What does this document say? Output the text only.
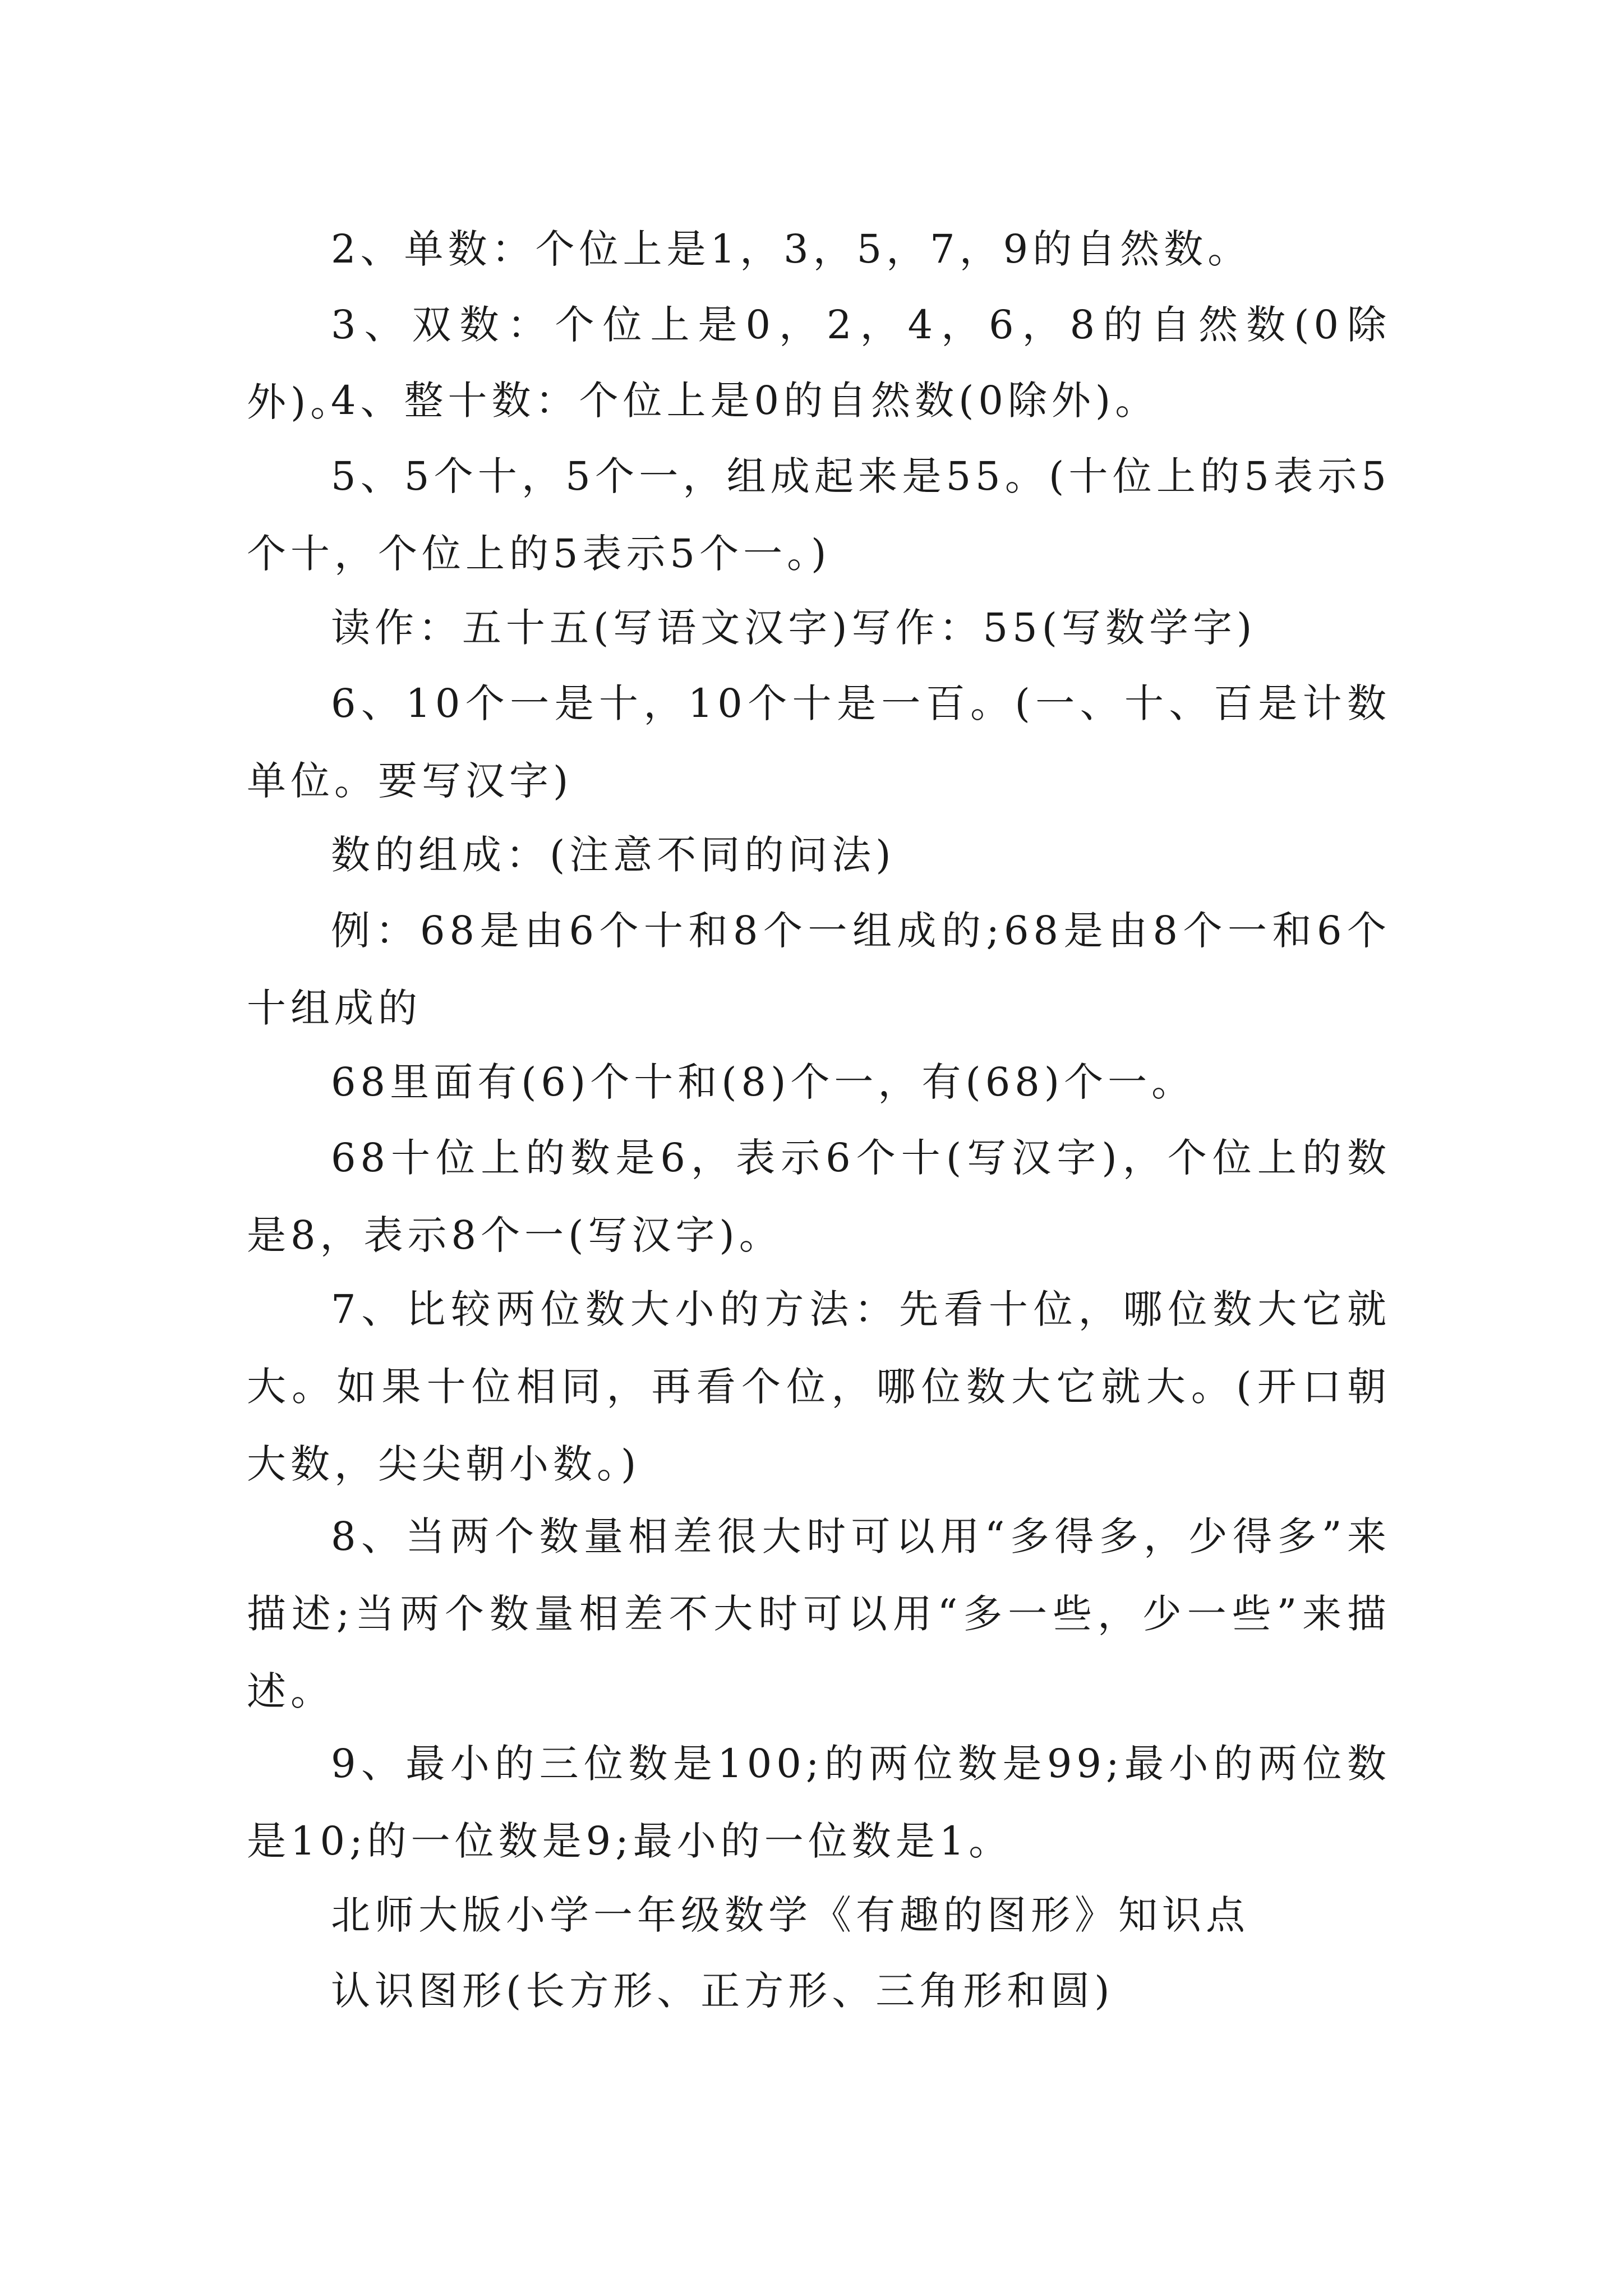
2、单数：个位上是1，3，5，7，9的自然数。

3、双数：个位上是0，2，4，6，8的自然数(0除外)。

4、整十数：个位上是0的自然数(0除外)。

5、5个十，5个一，组成起来是55。(十位上的5表示5个十，个位上的5表示5个一。)

读作：五十五(写语文汉字)写作：55(写数学字)

6、10个一是十，10个十是一百。(一、十、百是计数单位。要写汉字)

数的组成：(注意不同的问法)

例：68是由6个十和8个一组成的;68是由8个一和6个十组成的

68里面有(6)个十和(8)个一，有(68)个一。

68十位上的数是6，表示6个十(写汉字)，个位上的数是8，表示8个一(写汉字)。

7、比较两位数大小的方法：先看十位，哪位数大它就大。如果十位相同，再看个位，哪位数大它就大。(开口朝大数，尖尖朝小数。)

8、当两个数量相差很大时可以用“多得多，少得多”来描述;当两个数量相差不大时可以用“多一些，少一些”来描述。

9、最小的三位数是100;的两位数是99;最小的两位数是10;的一位数是9;最小的一位数是1。

北师大版小学一年级数学《有趣的图形》知识点

认识图形(长方形、正方形、三角形和圆)
